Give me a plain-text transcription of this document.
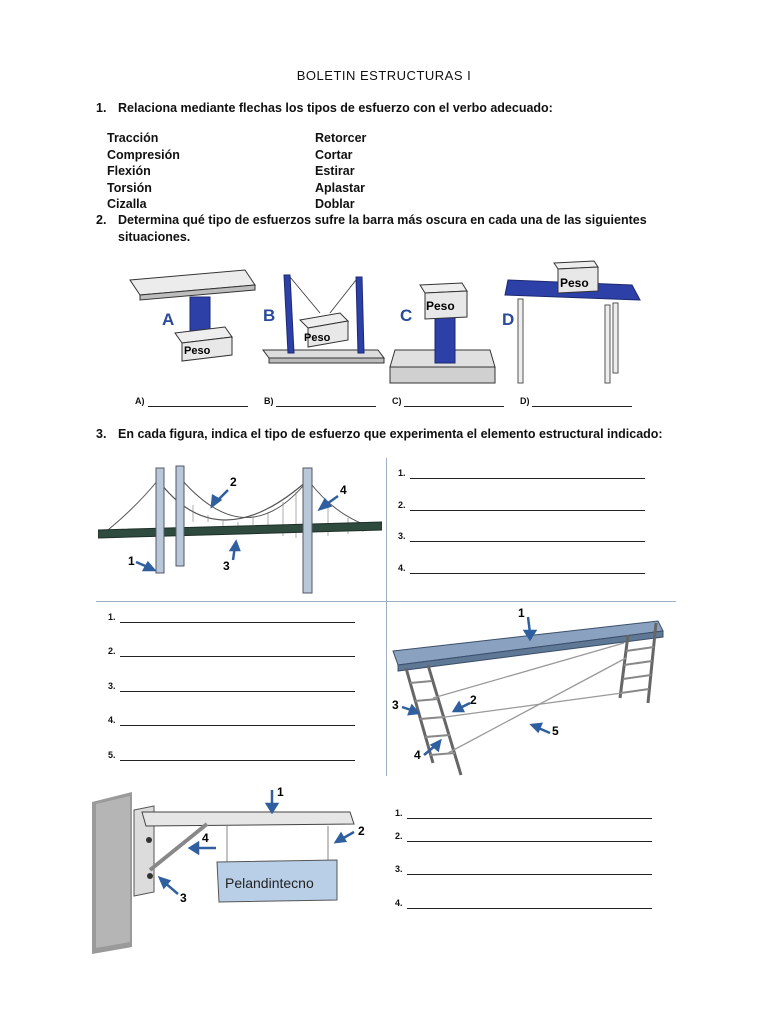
BOLETIN ESTRUCTURAS I
1. Relaciona mediante flechas los tipos de esfuerzo con el verbo adecuado:
Tracción
Compresión
Flexión
Torsión
Cizalla
Retorcer
Cortar
Estirar
Aplastar
Doblar
2. Determina qué tipo de esfuerzos sufre la barra más oscura en cada una de las siguientes
situaciones.
Peso
A
Peso
B	Peso
C
Peso
D
A)	B)	C)	D)
3. En cada figura, indica el tipo de esfuerzo que experimenta el elemento estructural indicado:
1
2
3
4
1.
2.
3.
4.
1.
2.
3.
4.
5.
1
2
3
4
5
Pelandintecno
1
2
3
4
1.
2.
3.
4.
